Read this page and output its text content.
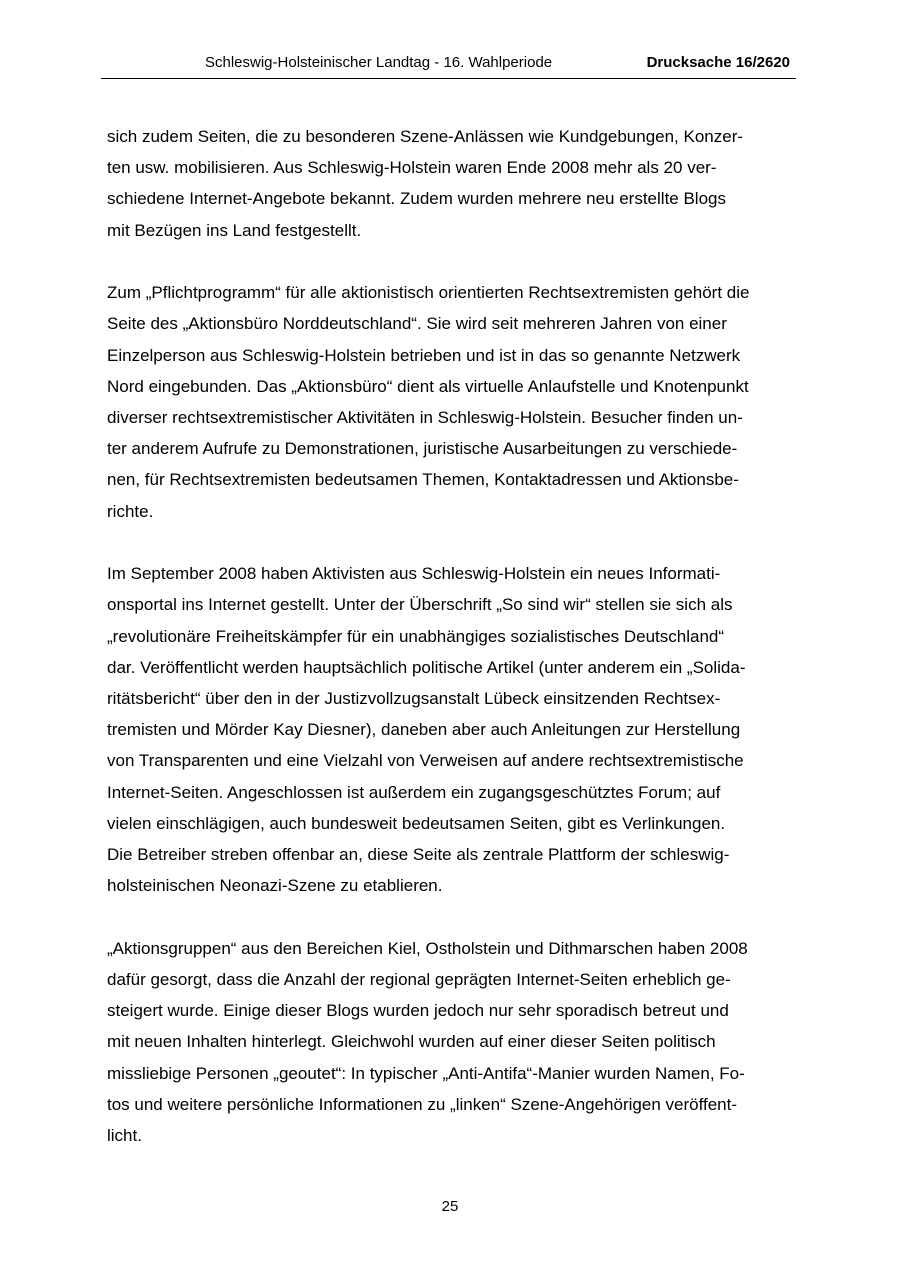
Schleswig-Holsteinischer Landtag - 16. Wahlperiode	Drucksache 16/2620

sich zudem Seiten, die zu besonderen Szene-Anlässen wie Kundgebungen, Konzer-
ten usw. mobilisieren. Aus Schleswig-Holstein waren Ende 2008 mehr als 20 ver-
schiedene Internet-Angebote bekannt. Zudem wurden mehrere neu erstellte Blogs
mit Bezügen ins Land festgestellt.

Zum „Pflichtprogramm“ für alle aktionistisch orientierten Rechtsextremisten gehört die
Seite des „Aktionsbüro Norddeutschland“. Sie wird seit mehreren Jahren von einer
Einzelperson aus Schleswig-Holstein betrieben und ist in das so genannte Netzwerk
Nord eingebunden. Das „Aktionsbüro“ dient als virtuelle Anlaufstelle und Knotenpunkt
diverser rechtsextremistischer Aktivitäten in Schleswig-Holstein. Besucher finden un-
ter anderem Aufrufe zu Demonstrationen, juristische Ausarbeitungen zu verschiede-
nen, für Rechtsextremisten bedeutsamen Themen, Kontaktadressen und Aktionsbe-
richte.

Im September 2008 haben Aktivisten aus Schleswig-Holstein ein neues Informati-
onsportal ins Internet gestellt. Unter der Überschrift „So sind wir“ stellen sie sich als
„revolutionäre Freiheitskämpfer für ein unabhängiges sozialistisches Deutschland“
dar. Veröffentlicht werden hauptsächlich politische Artikel (unter anderem ein „Solida-
ritätsbericht“ über den in der Justizvollzugsanstalt Lübeck einsitzenden Rechtsex-
tremisten und Mörder Kay Diesner), daneben aber auch Anleitungen zur Herstellung
von Transparenten und eine Vielzahl von Verweisen auf andere rechtsextremistische
Internet-Seiten. Angeschlossen ist außerdem ein zugangsgeschütztes Forum; auf
vielen einschlägigen, auch bundesweit bedeutsamen Seiten, gibt es Verlinkungen.
Die Betreiber streben offenbar an, diese Seite als zentrale Plattform der schleswig-
holsteinischen Neonazi-Szene zu etablieren.

„Aktionsgruppen“ aus den Bereichen Kiel, Ostholstein und Dithmarschen haben 2008
dafür gesorgt, dass die Anzahl der regional geprägten Internet-Seiten erheblich ge-
steigert wurde. Einige dieser Blogs wurden jedoch nur sehr sporadisch betreut und
mit neuen Inhalten hinterlegt. Gleichwohl wurden auf einer dieser Seiten politisch
missliebige Personen „geoutet“: In typischer „Anti-Antifa“-Manier wurden Namen, Fo-
tos und weitere persönliche Informationen zu „linken“ Szene-Angehörigen veröffent-
licht.

25
